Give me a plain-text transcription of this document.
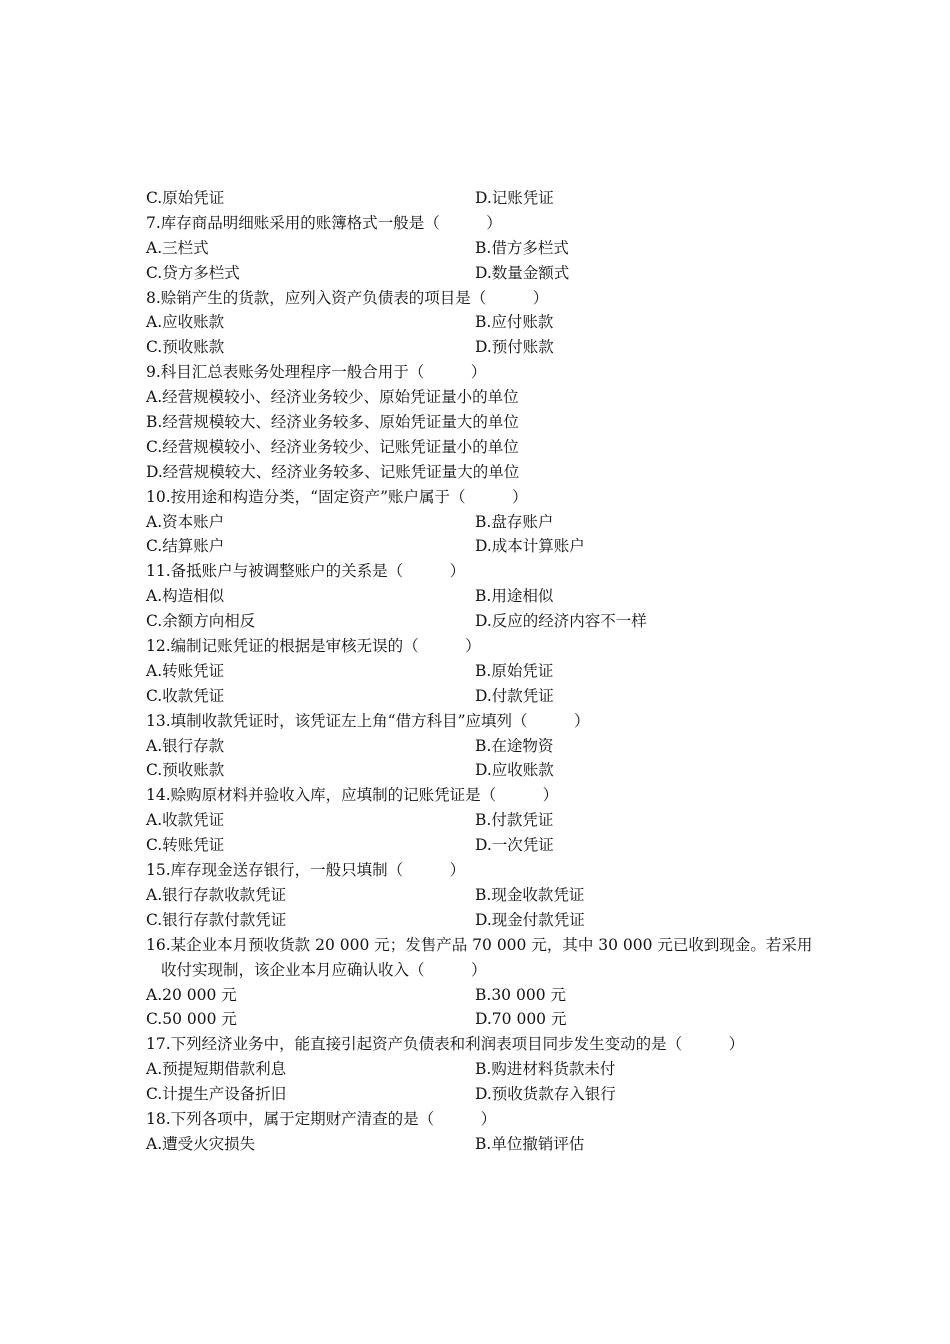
C.原始凭证	D.记账凭证
7.库存商品明细账采用的账簿格式一般是（　　　）
A.三栏式	B.借方多栏式
C.贷方多栏式	D.数量金额式
8.赊销产生的货款，应列入资产负债表的项目是（　　　）
A.应收账款	B.应付账款
C.预收账款	D.预付账款
9.科目汇总表账务处理程序一般合用于（　　　）
A.经营规模较小、经济业务较少、原始凭证量小的单位
B.经营规模较大、经济业务较多、原始凭证量大的单位
C.经营规模较小、经济业务较少、记账凭证量小的单位
D.经营规模较大、经济业务较多、记账凭证量大的单位
10.按用途和构造分类，“固定资产”账户属于（　　　）
A.资本账户	B.盘存账户
C.结算账户	D.成本计算账户
11.备抵账户与被调整账户的关系是（　　　）
A.构造相似	B.用途相似
C.余额方向相反	D.反应的经济内容不一样
12.编制记账凭证的根据是审核无误的（　　　）
A.转账凭证	B.原始凭证
C.收款凭证	D.付款凭证
13.填制收款凭证时，该凭证左上角“借方科目”应填列（　　　）
A.银行存款	B.在途物资
C.预收账款	D.应收账款
14.赊购原材料并验收入库，应填制的记账凭证是（　　　）
A.收款凭证	B.付款凭证
C.转账凭证	D.一次凭证
15.库存现金送存银行，一般只填制（　　　）
A.银行存款收款凭证	B.现金收款凭证
C.银行存款付款凭证	D.现金付款凭证
16.某企业本月预收货款 20 000 元；发售产品 70 000 元，其中 30 000 元已收到现金。若采用收付实现制，该企业本月应确认收入（　　　）
A.20 000 元	B.30 000 元
C.50 000 元	D.70 000 元
17.下列经济业务中，能直接引起资产负债表和利润表项目同步发生变动的是（　　　）
A.预提短期借款利息	B.购进材料货款未付
C.计提生产设备折旧	D.预收货款存入银行
18.下列各项中，属于定期财产清查的是（　　　）
A.遭受火灾损失	B.单位撤销评估
